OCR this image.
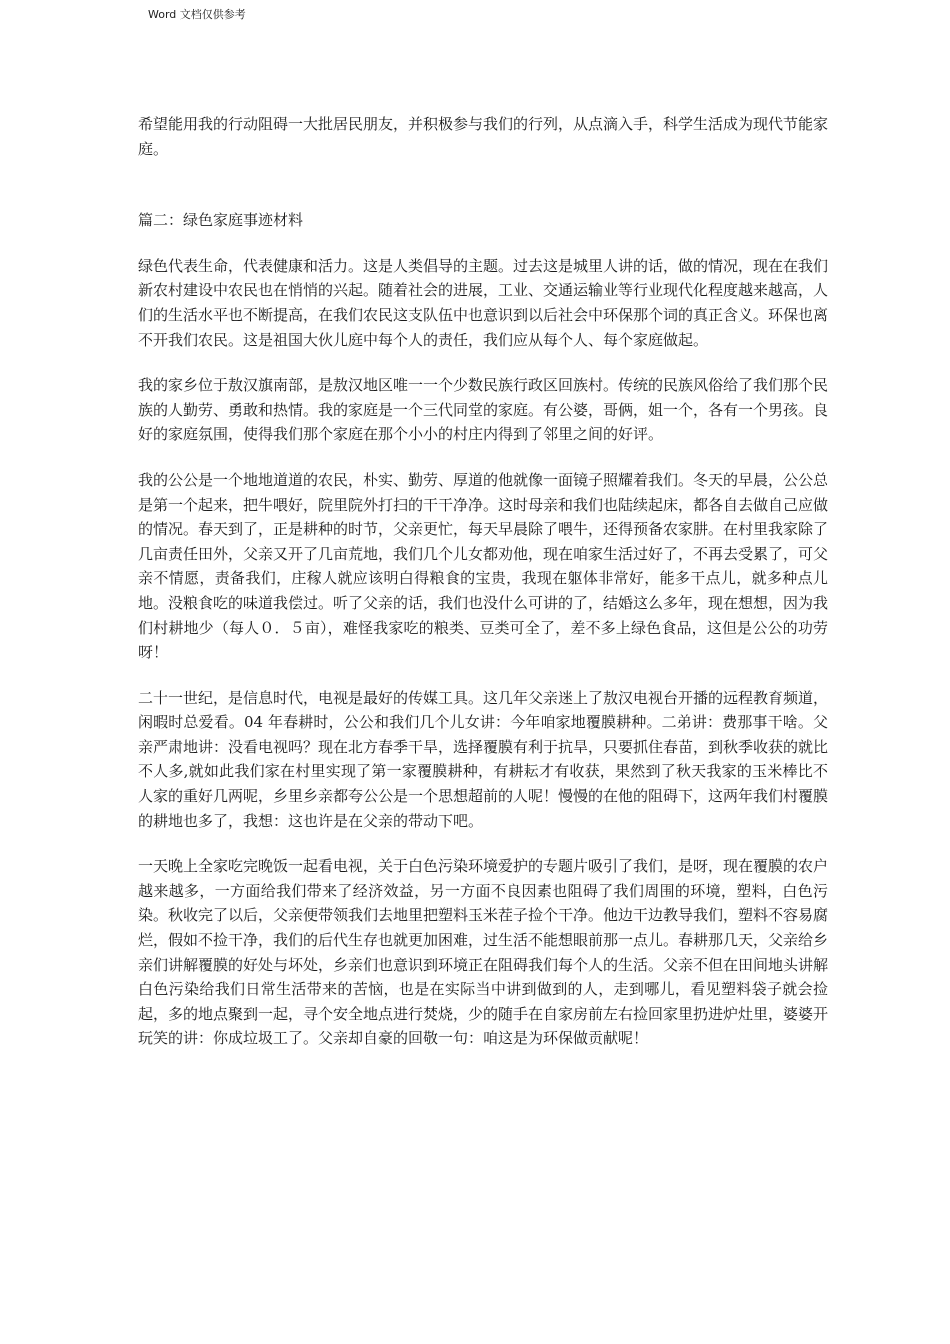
Word 文档仅供参考

希望能用我的行动阻碍一大批居民朋友，并积极参与我们的行列，从点滴入手，科学生活成为现代节能家庭。

篇二：绿色家庭事迹材料

绿色代表生命，代表健康和活力。这是人类倡导的主题。过去这是城里人讲的话，做的情况，现在在我们新农村建设中农民也在悄悄的兴起。随着社会的进展，工业、交通运输业等行业现代化程度越来越高，人们的生活水平也不断提高，在我们农民这支队伍中也意识到以后社会中环保那个词的真正含义。环保也离不开我们农民。这是祖国大伙儿庭中每个人的责任，我们应从每个人、每个家庭做起。

我的家乡位于敖汉旗南部，是敖汉地区唯一一个少数民族行政区回族村。传统的民族风俗给了我们那个民族的人勤劳、勇敢和热情。我的家庭是一个三代同堂的家庭。有公婆，哥俩，姐一个，各有一个男孩。良好的家庭氛围，使得我们那个家庭在那个小小的村庄内得到了邻里之间的好评。

我的公公是一个地地道道的农民，朴实、勤劳、厚道的他就像一面镜子照耀着我们。冬天的早晨，公公总是第一个起来，把牛喂好，院里院外打扫的干干净净。这时母亲和我们也陆续起床，都各自去做自己应做的情况。春天到了，正是耕种的时节，父亲更忙，每天早晨除了喂牛，还得预备农家肼。在村里我家除了几亩责任田外，父亲又开了几亩荒地，我们几个儿女都劝他，现在咱家生活过好了，不再去受累了，可父亲不情愿，责备我们，庄稼人就应该明白得粮食的宝贵，我现在躯体非常好，能多干点儿，就多种点儿地。没粮食吃的味道我偿过。听了父亲的话，我们也没什么可讲的了，结婚这么多年，现在想想，因为我们村耕地少（每人０．５亩），难怪我家吃的粮类、豆类可全了，差不多上绿色食品，这但是公公的功劳呀！

二十一世纪，是信息时代，电视是最好的传媒工具。这几年父亲迷上了敖汉电视台开播的远程教育频道，闲暇时总爱看。04 年春耕时，公公和我们几个儿女讲：今年咱家地覆膜耕种。二弟讲：费那事干啥。父亲严肃地讲：没看电视吗？现在北方春季干旱，选择覆膜有利于抗旱，只要抓住春苗，到秋季收获的就比不人多,就如此我们家在村里实现了第一家覆膜耕种，有耕耘才有收获，果然到了秋天我家的玉米棒比不人家的重好几两呢，乡里乡亲都夸公公是一个思想超前的人呢！慢慢的在他的阻碍下，这两年我们村覆膜的耕地也多了，我想：这也许是在父亲的带动下吧。

一天晚上全家吃完晚饭一起看电视，关于白色污染环境爱护的专题片吸引了我们，是呀，现在覆膜的农户越来越多，一方面给我们带来了经济效益，另一方面不良因素也阻碍了我们周围的环境，塑料，白色污染。秋收完了以后，父亲便带领我们去地里把塑料玉米茬子捡个干净。他边干边教导我们，塑料不容易腐烂，假如不捡干净，我们的后代生存也就更加困难，过生活不能想眼前那一点儿。春耕那几天，父亲给乡亲们讲解覆膜的好处与坏处，乡亲们也意识到环境正在阻碍我们每个人的生活。父亲不但在田间地头讲解白色污染给我们日常生活带来的苦恼，也是在实际当中讲到做到的人，走到哪儿，看见塑料袋子就会捡起，多的地点聚到一起，寻个安全地点进行焚烧，少的随手在自家房前左右捡回家里扔进炉灶里，婆婆开玩笑的讲：你成垃圾工了。父亲却自豪的回敬一句：咱这是为环保做贡献呢！
